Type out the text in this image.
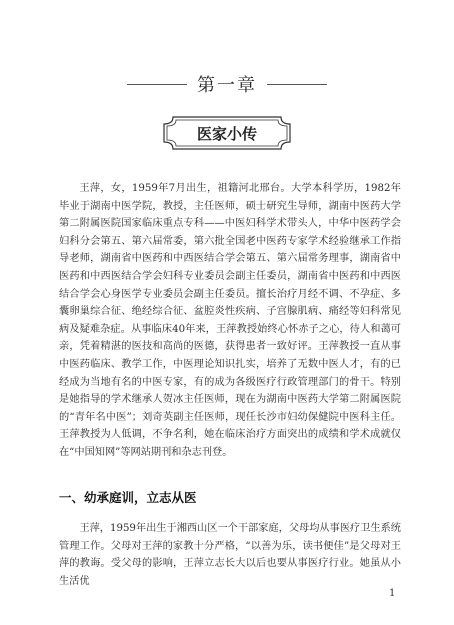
第一章
医家小传

王萍，女，1959年7月出生，祖籍河北邢台。大学本科学历，1982年毕业于湖南中医学院，教授，主任医师，硕士研究生导师，湖南中医药大学第二附属医院国家临床重点专科——中医妇科学术带头人，中华中医药学会妇科分会第五、第六届常委，第六批全国老中医药专家学术经验继承工作指导老师，湖南省中医药和中西医结合学会第五、第六届常务理事，湖南省中医药和中西医结合学会妇科专业委员会副主任委员，湖南省中医药和中西医结合学会心身医学专业委员会副主任委员。擅长治疗月经不调、不孕症、多囊卵巢综合征、绝经综合征、盆腔炎性疾病、子宫腺肌病、痛经等妇科常见病及疑难杂症。从事临床40年来，王萍教授始终心怀赤子之心，待人和蔼可亲，凭着精湛的医技和高尚的医德，获得患者一致好评。王萍教授一直从事中医药临床、教学工作，中医理论知识扎实，培养了无数中医人才，有的已经成为当地有名的中医专家，有的成为各级医疗行政管理部门的骨干。特别是她指导的学术继承人贺冰主任医师，现在为湖南中医药大学第二附属医院的“青年名中医”；刘奇英副主任医师，现任长沙市妇幼保健院中医科主任。王萍教授为人低调，不争名利，她在临床治疗方面突出的成绩和学术成就仅在“中国知网”等网站期刊和杂志刊登。

一、幼承庭训，立志从医

王萍，1959年出生于湘西山区一个干部家庭，父母均从事医疗卫生系统管理工作。父母对王萍的家教十分严格，“以善为乐，读书便佳”是父母对王萍的教诲。受父母的影响，王萍立志长大以后也要从事医疗行业。她虽从小生活优

1
